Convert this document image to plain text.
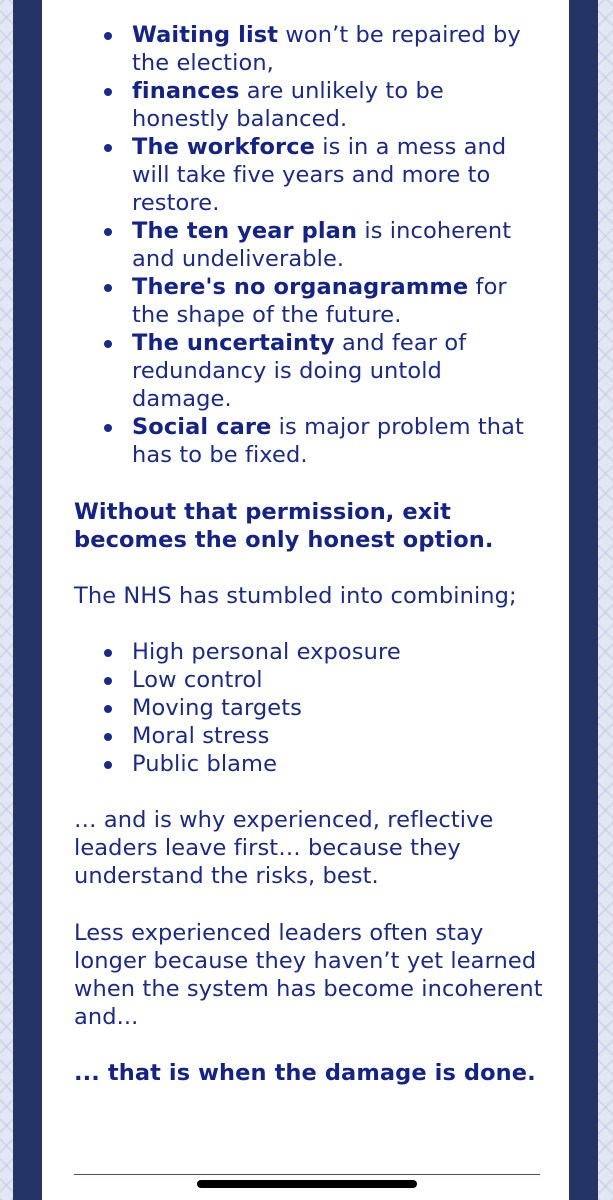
Waiting list won’t be repaired by the election,
finances are unlikely to be honestly balanced.
The workforce is in a mess and will take five years and more to restore.
The ten year plan is incoherent and undeliverable.
There's no organagramme for the shape of the future.
The uncertainty and fear of redundancy is doing untold damage.
Social care is major problem that has to be fixed.

Without that permission, exit becomes the only honest option.

The NHS has stumbled into combining;

High personal exposure
Low control
Moving targets
Moral stress
Public blame

… and is why experienced, reflective leaders leave first… because they understand the risks, best.

Less experienced leaders often stay longer because they haven’t yet learned when the system has become incoherent and...

... that is when the damage is done.
